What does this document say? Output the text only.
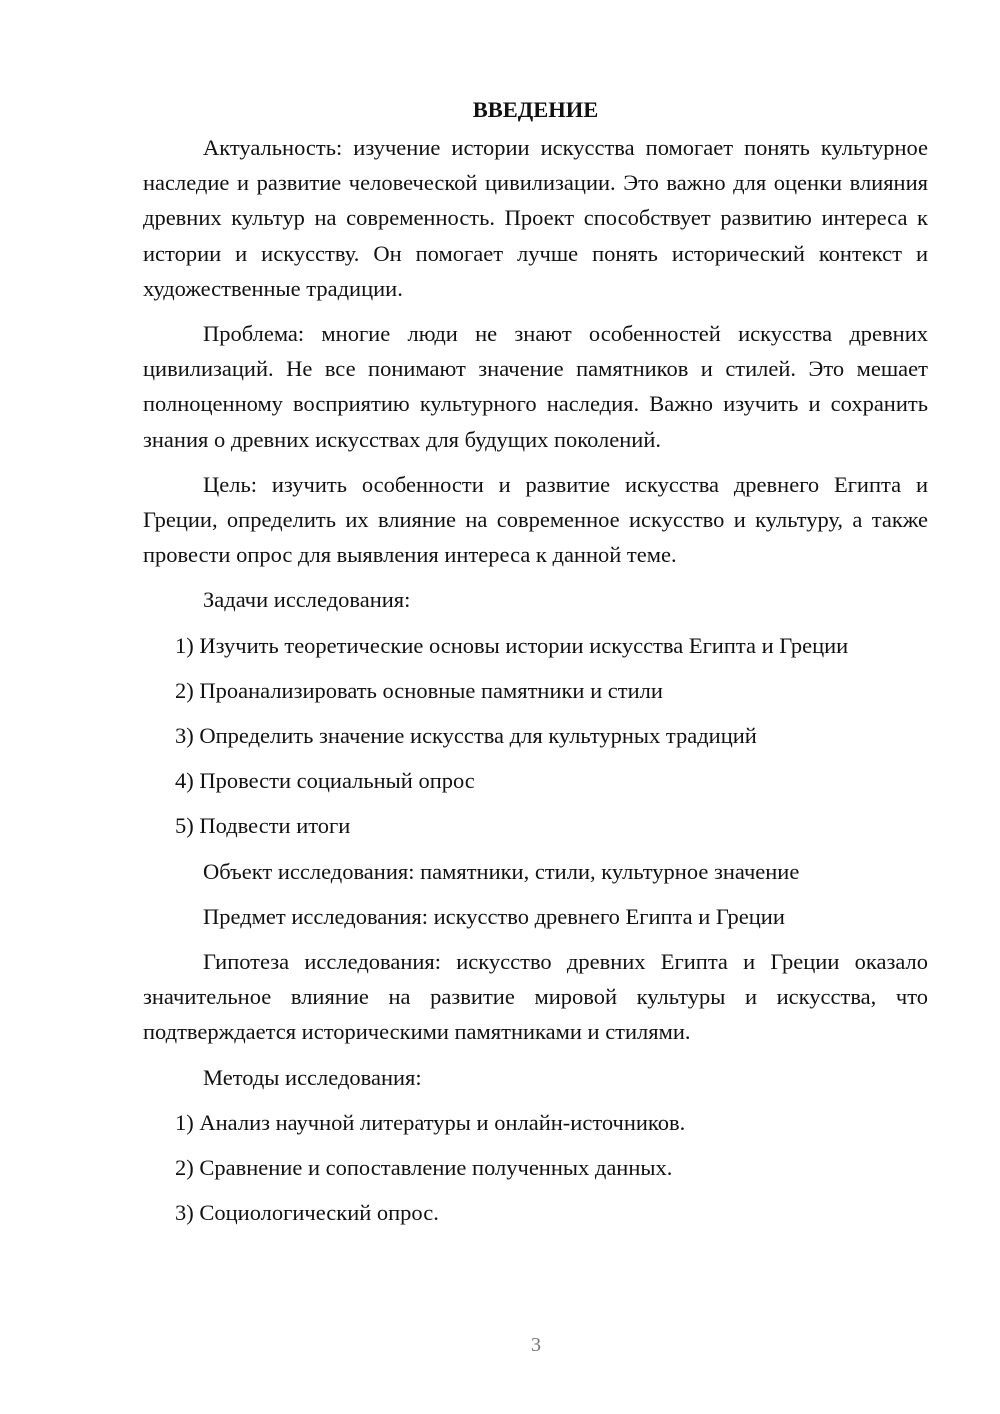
ВВЕДЕНИЕ

Актуальность: изучение истории искусства помогает понять культурное наследие и развитие человеческой цивилизации. Это важно для оценки влияния древних культур на современность. Проект способствует развитию интереса к истории и искусству. Он помогает лучше понять исторический контекст и художественные традиции.

Проблема: многие люди не знают особенностей искусства древних цивилизаций. Не все понимают значение памятников и стилей. Это мешает полноценному восприятию культурного наследия. Важно изучить и сохранить знания о древних искусствах для будущих поколений.

Цель: изучить особенности и развитие искусства древнего Египта и Греции, определить их влияние на современное искусство и культуру, а также провести опрос для выявления интереса к данной теме.

Задачи исследования:

1) Изучить теоретические основы истории искусства Египта и Греции
2) Проанализировать основные памятники и стили
3) Определить значение искусства для культурных традиций
4) Провести социальный опрос
5) Подвести итоги

Объект исследования: памятники, стили, культурное значение

Предмет исследования: искусство древнего Египта и Греции

Гипотеза исследования: искусство древних Египта и Греции оказало значительное влияние на развитие мировой культуры и искусства, что подтверждается историческими памятниками и стилями.

Методы исследования:

1) Анализ научной литературы и онлайн-источников.
2) Сравнение и сопоставление полученных данных.
3) Социологический опрос.
3
